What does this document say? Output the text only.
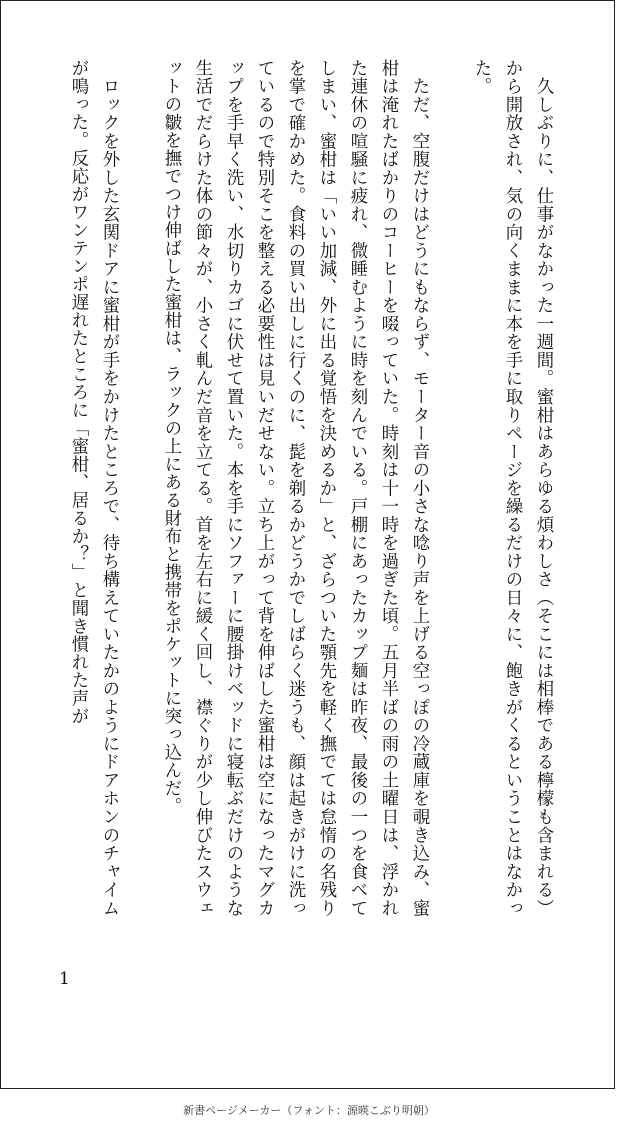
　久しぶりに、仕事がなかった一週間。蜜柑はあらゆる煩わしさ（そこには相棒である檸檬も含まれる）から開放され、気の向くままに本を手に取りページを繰るだけの日々に、飽きがくるということはなかった。

　ただ、空腹だけはどうにもならず、モーター音の小さな唸り声を上げる空っぽの冷蔵庫を覗き込み、蜜柑は淹れたばかりのコーヒーを啜っていた。時刻は十一時を過ぎた頃。五月半ばの雨の土曜日は、浮かれた連休の喧騒に疲れ、微睡むように時を刻んでいる。戸棚にあったカップ麺は昨夜、最後の一つを食べてしまい、蜜柑は「いい加減、外に出る覚悟を決めるか」と、ざらついた顎先を軽く撫でては怠惰の名残りを掌で確かめた。食料の買い出しに行くのに、髭を剃るかどうかでしばらく迷うも、顔は起きがけに洗っているので特別そこを整える必要性は見いだせない。立ち上がって背を伸ばした蜜柑は空になったマグカップを手早く洗い、水切りカゴに伏せて置いた。本を手にソファーに腰掛けベッドに寝転ぶだけのような生活でだらけた体の節々が、小さく軋んだ音を立てる。首を左右に緩く回し、襟ぐりが少し伸びたスウェットの皺を撫でつけ伸ばした蜜柑は、ラックの上にある財布と携帯をポケットに突っ込んだ。

　ロックを外した玄関ドアに蜜柑が手をかけたところで、待ち構えていたかのようにドアホンのチャイムが鳴った。反応がワンテンポ遅れたところに「蜜柑、居るか？」と聞き慣れた声が

1
新書ページメーカー（フォント：源暎こぶり明朝）
